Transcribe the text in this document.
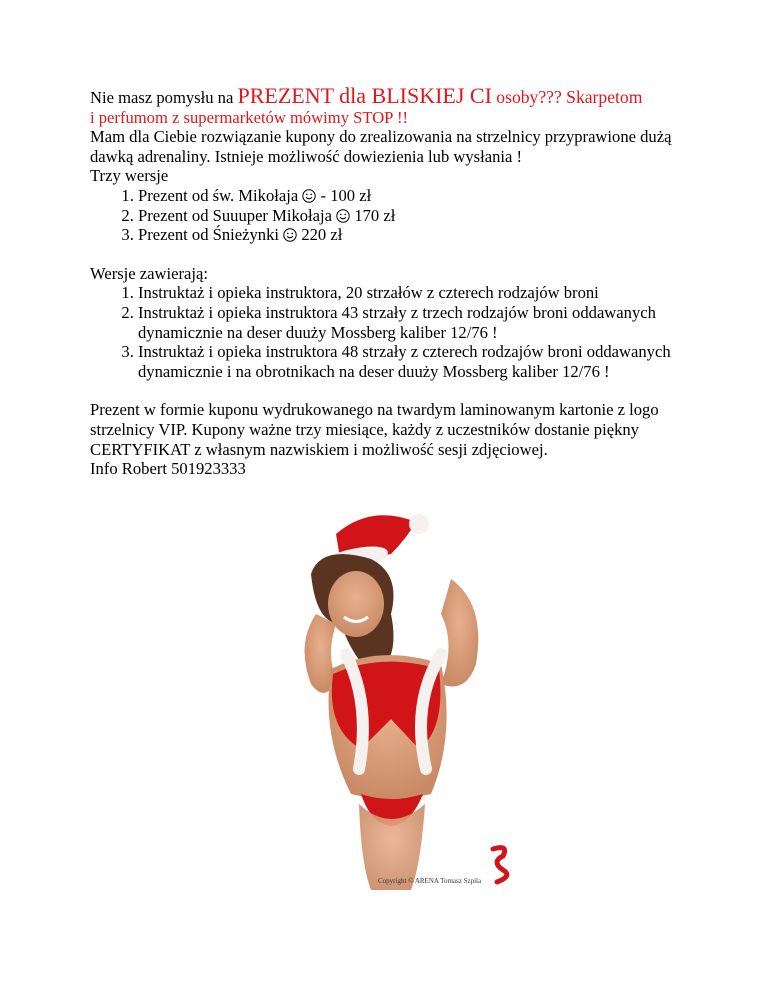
Nie masz pomysłu na PREZENT dla BLISKIEJ CI osoby??? Skarpetom
i perfumom z supermarketów mówimy STOP !!
Mam dla Ciebie rozwiązanie kupony do zrealizowania na strzelnicy przyprawione dużą dawką adrenaliny. Istnieje możliwość dowiezienia lub wysłania !
Trzy wersje
1. Prezent od św. Mikołaja  - 100 zł
2. Prezent od Suuuper Mikołaja  170 zł
3. Prezent od Śnieżynki  220 zł
Wersje zawierają:
1. Instruktaż i opieka instruktora, 20 strzałów z czterech rodzajów broni
2. Instruktaż i opieka instruktora 43 strzały z trzech rodzajów broni oddawanych dynamicznie na deser duuży Mossberg kaliber 12/76 !
3. Instruktaż i opieka instruktora 48 strzały z czterech rodzajów broni oddawanych dynamicznie i na obrotnikach na deser duuży Mossberg kaliber 12/76 !
Prezent w formie kuponu wydrukowanego na twardym laminowanym kartonie z logo strzelnicy VIP. Kupony ważne trzy miesiące, każdy z uczestników dostanie piękny CERTYFIKAT z własnym nazwiskiem i możliwość sesji zdjęciowej.
Info Robert 501923333
Copyright © ARENA Tomasz Szpila
